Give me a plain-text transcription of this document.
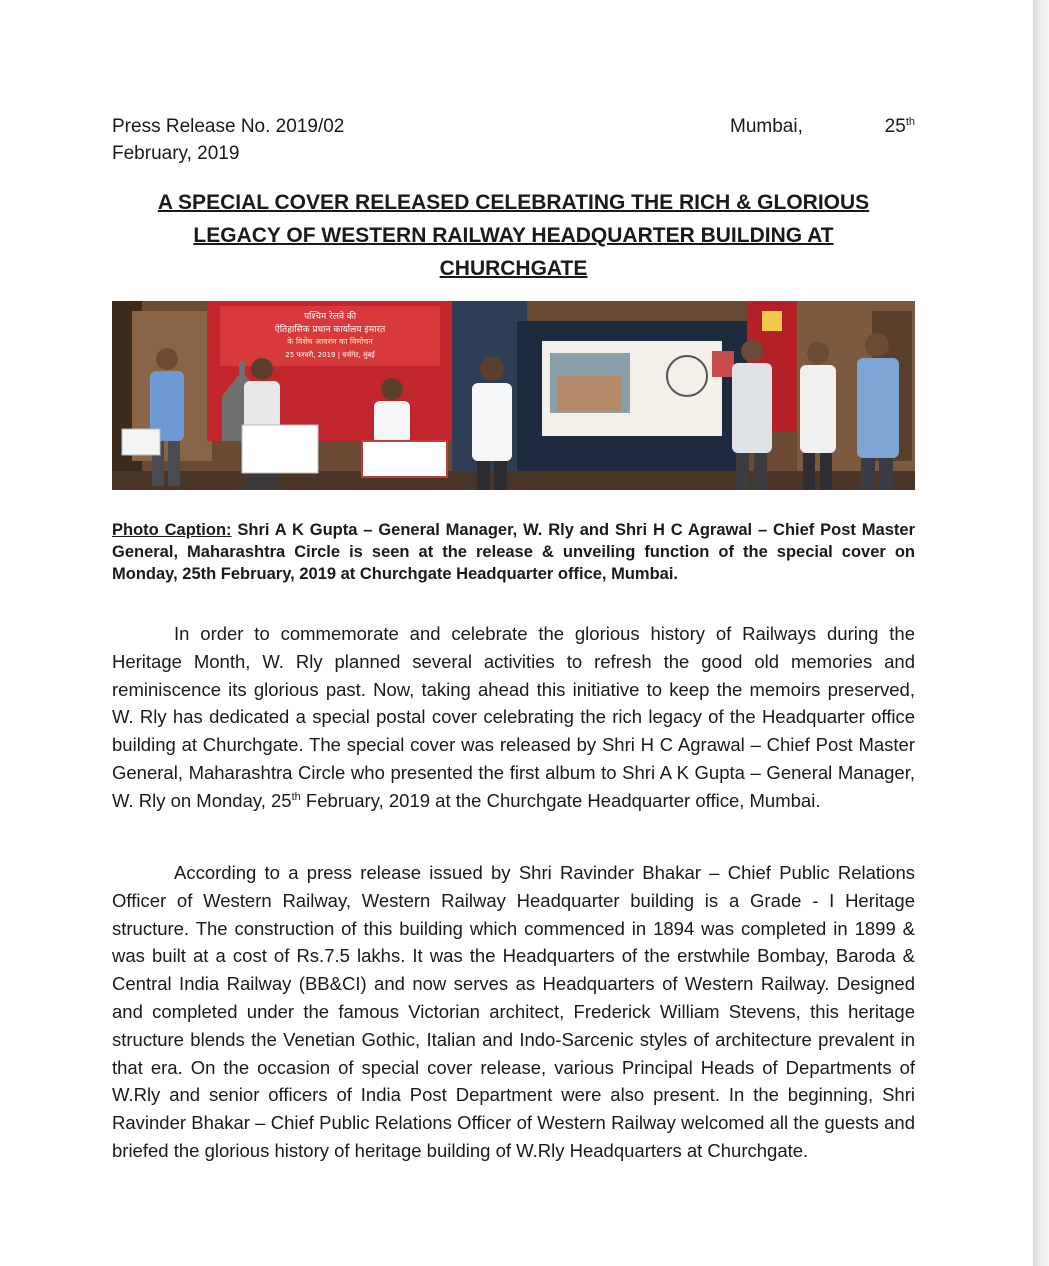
Press Release No. 2019/02	Mumbai,	25th
February, 2019
A SPECIAL COVER RELEASED CELEBRATING THE RICH & GLORIOUS
LEGACY OF WESTERN RAILWAY HEADQUARTER BUILDING AT
CHURCHGATE
पश्चिम रेलवे की
ऐतिहासिक प्रधान कार्यालय इमारत
के विशेष आवरण का विमोचन
25 फरवरी, 2019 | चर्चगेट, मुंबई
Photo Caption: Shri A K Gupta – General Manager, W. Rly and Shri H C Agrawal – Chief Post Master General, Maharashtra Circle is seen at the release & unveiling function of the special cover on Monday, 25th February, 2019 at Churchgate Headquarter office, Mumbai.

In order to commemorate and celebrate the glorious history of Railways during the Heritage Month, W. Rly planned several activities to refresh the good old memories and reminiscence its glorious past. Now, taking ahead this initiative to keep the memoirs preserved, W. Rly has dedicated a special postal cover celebrating the rich legacy of the Headquarter office building at Churchgate. The special cover was released by Shri H C Agrawal – Chief Post Master General, Maharashtra Circle who presented the first album to Shri A K Gupta – General Manager, W. Rly on Monday, 25th February, 2019 at the Churchgate Headquarter office, Mumbai.

According to a press release issued by Shri Ravinder Bhakar – Chief Public Relations Officer of Western Railway, Western Railway Headquarter building is a Grade - I Heritage structure. The construction of this building which commenced in 1894 was completed in 1899 & was built at a cost of Rs.7.5 lakhs. It was the Headquarters of the erstwhile Bombay, Baroda & Central India Railway (BB&CI) and now serves as Headquarters of Western Railway. Designed and completed under the famous Victorian architect, Frederick William Stevens, this heritage structure blends the Venetian Gothic, Italian and Indo-Sarcenic styles of architecture prevalent in that era. On the occasion of special cover release, various Principal Heads of Departments of W.Rly and senior officers of India Post Department were also present. In the beginning, Shri Ravinder Bhakar – Chief Public Relations Officer of Western Railway welcomed all the guests and briefed the glorious history of heritage building of W.Rly Headquarters at Churchgate.
